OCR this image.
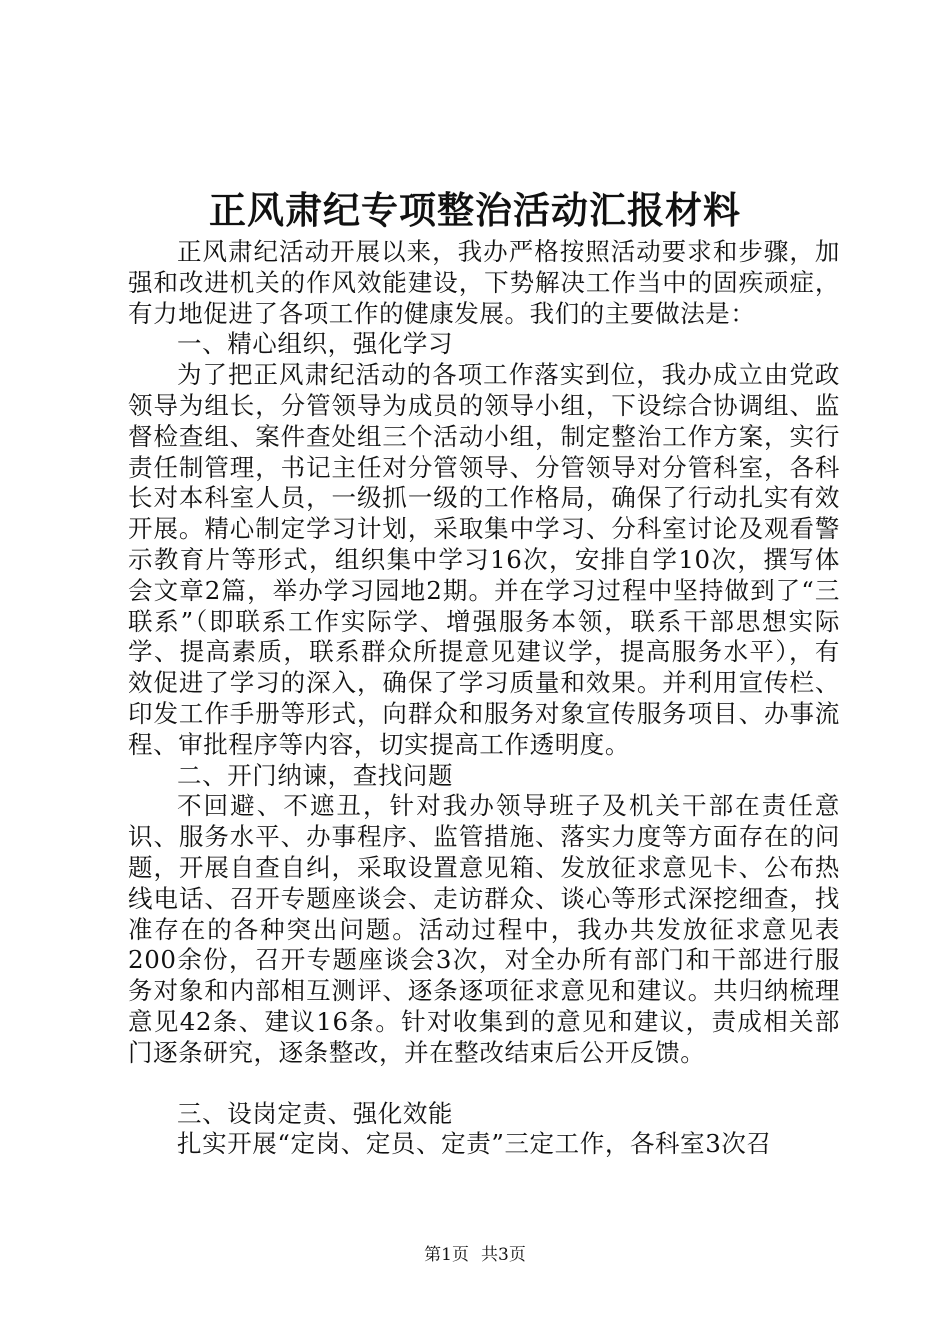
正风肃纪专项整治活动汇报材料

正风肃纪活动开展以来，我办严格按照活动要求和步骤，加强和改进机关的作风效能建设，下势解决工作当中的固疾顽症，有力地促进了各项工作的健康发展。我们的主要做法是：

一、精心组织，强化学习

为了把正风肃纪活动的各项工作落实到位，我办成立由党政领导为组长，分管领导为成员的领导小组，下设综合协调组、监督检查组、案件查处组三个活动小组，制定整治工作方案，实行责任制管理，书记主任对分管领导、分管领导对分管科室，各科长对本科室人员，一级抓一级的工作格局，确保了行动扎实有效开展。精心制定学习计划，采取集中学习、分科室讨论及观看警示教育片等形式，组织集中学习16次，安排自学10次，撰写体会文章2篇，举办学习园地2期。并在学习过程中坚持做到了“三联系”（即联系工作实际学、增强服务本领，联系干部思想实际学、提高素质，联系群众所提意见建议学，提高服务水平），有效促进了学习的深入，确保了学习质量和效果。并利用宣传栏、印发工作手册等形式，向群众和服务对象宣传服务项目、办事流程、审批程序等内容，切实提高工作透明度。

二、开门纳谏，查找问题

不回避、不遮丑，针对我办领导班子及机关干部在责任意识、服务水平、办事程序、监管措施、落实力度等方面存在的问题，开展自查自纠，采取设置意见箱、发放征求意见卡、公布热线电话、召开专题座谈会、走访群众、谈心等形式深挖细查，找准存在的各种突出问题。活动过程中，我办共发放征求意见表200余份，召开专题座谈会3次，对全办所有部门和干部进行服务对象和内部相互测评、逐条逐项征求意见和建议。共归纳梳理意见42条、建议16条。针对收集到的意见和建议，责成相关部门逐条研究，逐条整改，并在整改结束后公开反馈。

三、设岗定责、强化效能

扎实开展“定岗、定员、定责”三定工作，各科室3次召

第1页 共3页
